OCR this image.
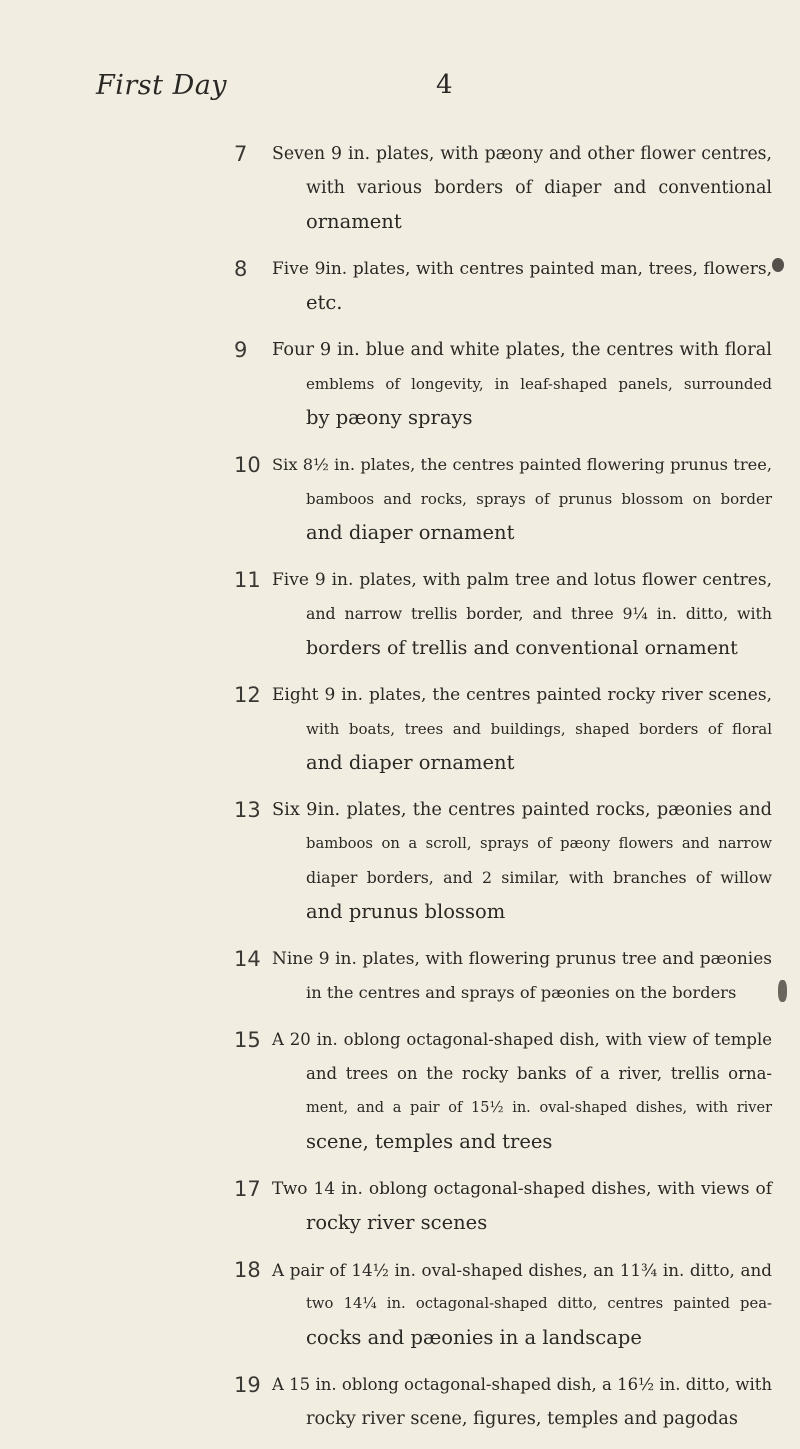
First Day	4
7 Seven 9 in. plates, with pæony and other flower centres,
with various borders of diaper and conventional
ornament
8 Five 9in. plates, with centres painted man, trees, flowers,
etc.
9 Four 9 in. blue and white plates, the centres with floral
emblems of longevity, in leaf-shaped panels, surrounded
by pæony sprays
10 Six 8½ in. plates, the centres painted flowering prunus tree,
bamboos and rocks, sprays of prunus blossom on border
and diaper ornament
11 Five 9 in. plates, with palm tree and lotus flower centres,
and narrow trellis border, and three 9¼ in. ditto, with
borders of trellis and conventional ornament
12 Eight 9 in. plates, the centres painted rocky river scenes,
with boats, trees and buildings, shaped borders of floral
and diaper ornament
13 Six 9in. plates, the centres painted rocks, pæonies and
bamboos on a scroll, sprays of pæony flowers and narrow
diaper borders, and 2 similar, with branches of willow
and prunus blossom
14 Nine 9 in. plates, with flowering prunus tree and pæonies
in the centres and sprays of pæonies on the borders
15 A 20 in. oblong octagonal-shaped dish, with view of temple
and trees on the rocky banks of a river, trellis orna-
ment, and a pair of 15½ in. oval-shaped dishes, with river
scene, temples and trees
17 Two 14 in. oblong octagonal-shaped dishes, with views of
rocky river scenes
18 A pair of 14½ in. oval-shaped dishes, an 11¾ in. ditto, and
two 14¼ in. octagonal-shaped ditto, centres painted pea-
cocks and pæonies in a landscape
19 A 15 in. oblong octagonal-shaped dish, a 16½ in. ditto, with
rocky river scene, figures, temples and pagodas
